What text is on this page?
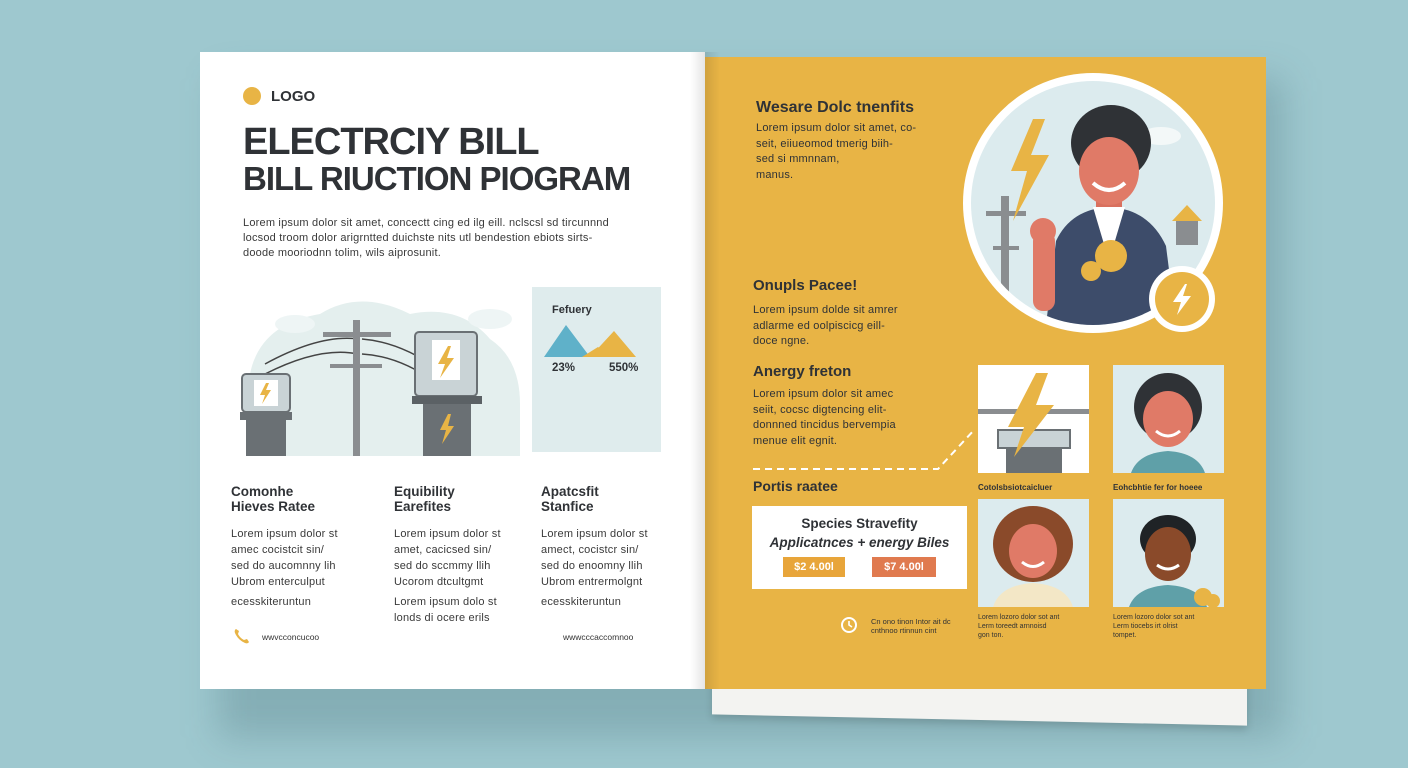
LOGO
ELECTRCIY BILL
BILL RIUCTION PIOGRAM
Lorem ipsum dolor sit amet, concectt cing ed ilg eill. nclscsl sd tircunnnd
locsod troom dolor arigrntted duichste nits utl bendestion ebiots sirts-
doode mooriodnn tolim, wils aiprosunit.
Fefuery
23%	550%
Comonhe
Hieves Ratee
Lorem ipsum dolor st
amec cocistcit sin/
sed do aucomnny lih
Ubrom enterculput
ecesskiteruntun
Equibility
Earefites
Lorem ipsum dolor st
amet, cacicsed sin/
sed do sccmmy llih
Ucorom dtcultgmt
Lorem ipsum dolo st
londs di ocere erils
Apatcsfit
Stanfice
Lorem ipsum dolor st
amect, cocistcr sin/
sed do enoomny llih
Ubrom entrermolgnt
ecesskiteruntun
wwvcconcucoo	wwwcccaccomnoo
Wesare Dolc tnenfits
Lorem ipsum dolor sit amet, co-
seit, eiiueomod tmerig biih-
sed si mmnnam,
manus.
Onupls Pacee!
Lorem ipsum dolde sit amrer
adlarme ed oolpiscicg eill-
doce ngne.
Anergy freton
Lorem ipsum dolor sit amec
seiit, cocsc digtencing elit-
donnned tincidus bervempia
menue elit egnit.
Portis raatee
Species Stravefity
Applicatnces + energy Biles
$2 4.00l	$7 4.00l
Cn ono tinon Intor ait dc
cnthnoo rtinnun cint
Cotolsbsiotcaicluer	Eohcbhtie fer for hoeee
Lorem lozoro dolor sot ant
Lerm toreedt arnnoisd
gon ton.
Lorem lozoro dolor sot ant
Lerm tiocebs irt olrist
tompet.
